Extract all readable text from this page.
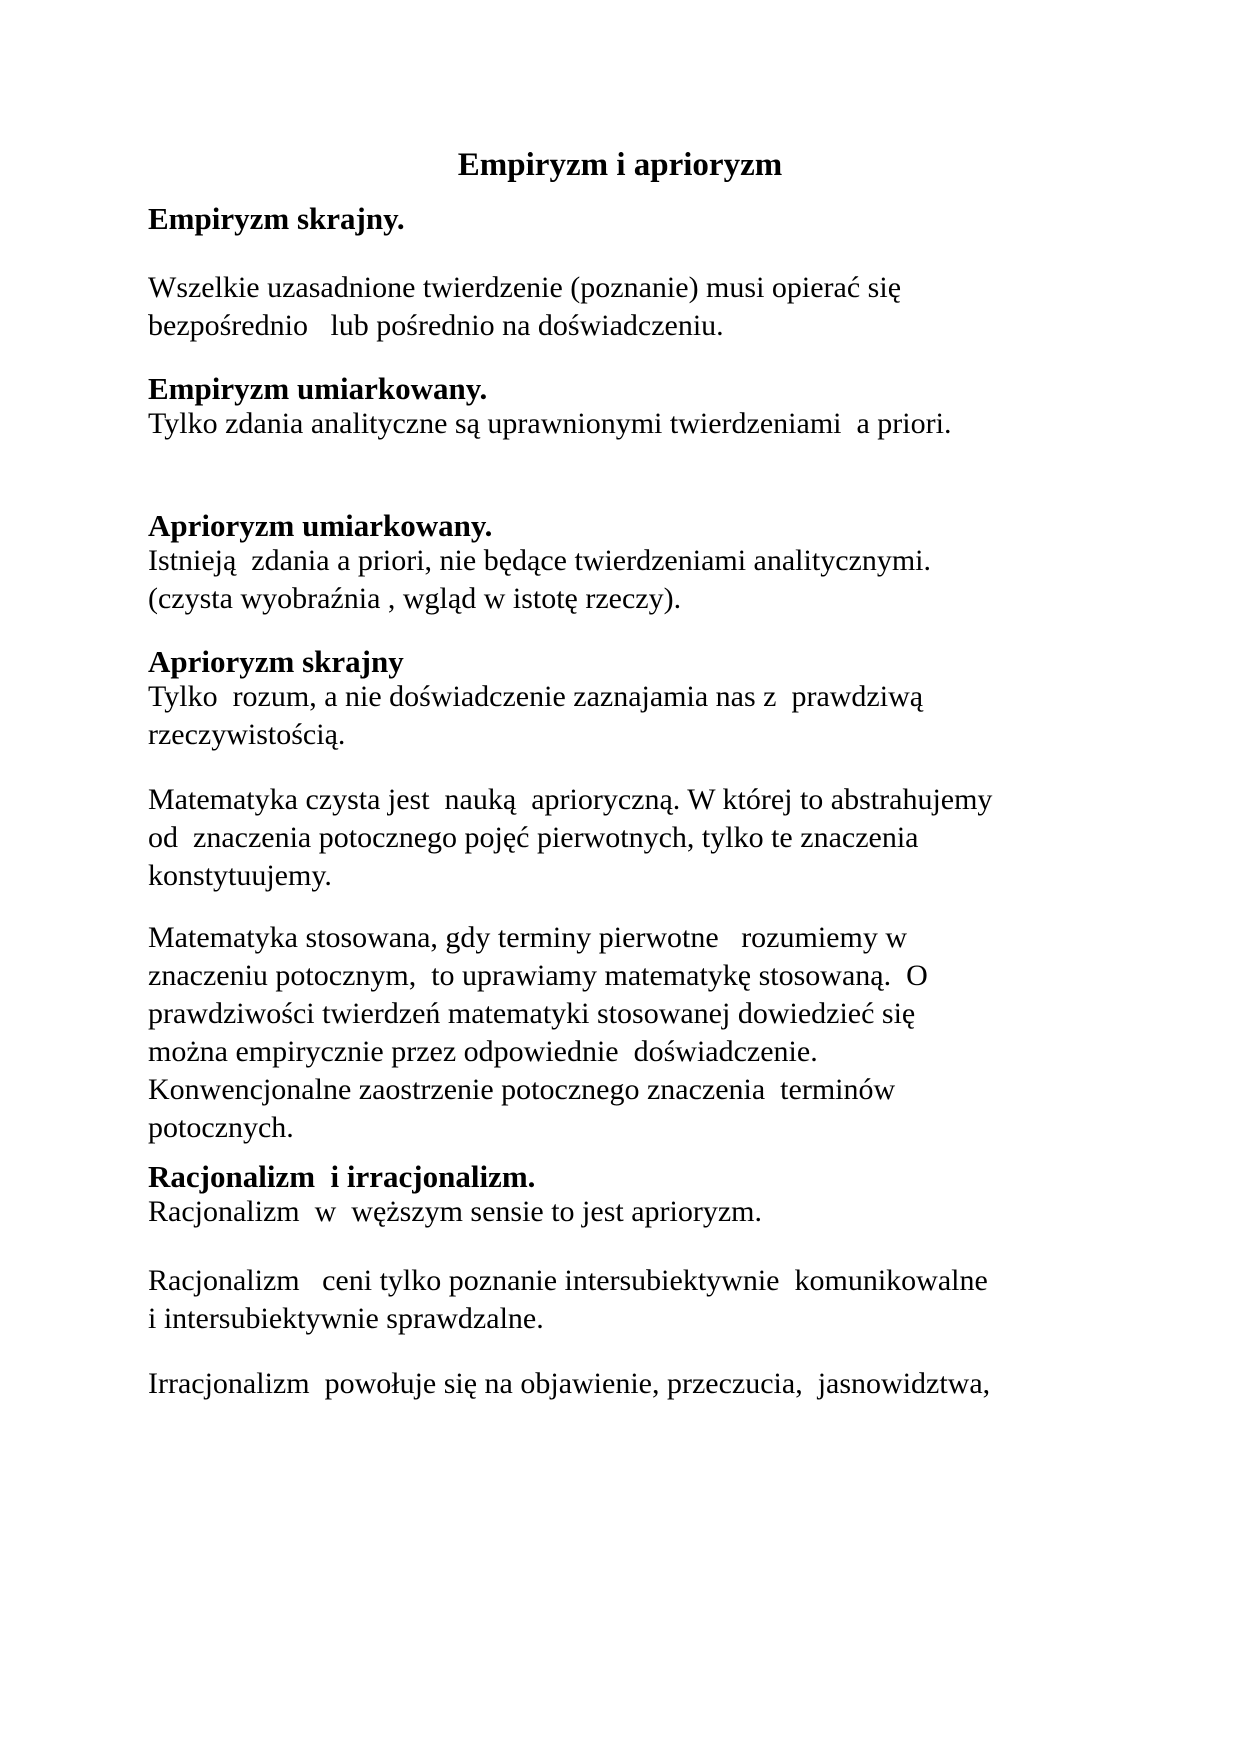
Empiryzm i aprioryzm
Empiryzm skrajny.
Wszelkie uzasadnione twierdzenie (poznanie) musi opierać się
bezpośrednio   lub pośrednio na doświadczeniu.
Empiryzm umiarkowany.
Tylko zdania analityczne są uprawnionymi twierdzeniami  a priori.
Aprioryzm umiarkowany.
Istnieją  zdania a priori, nie będące twierdzeniami analitycznymi.
(czysta wyobraźnia , wgląd w istotę rzeczy).
Aprioryzm skrajny
Tylko  rozum, a nie doświadczenie zaznajamia nas z  prawdziwą
rzeczywistością.
Matematyka czysta jest  nauką  aprioryczną. W której to abstrahujemy
od  znaczenia potocznego pojęć pierwotnych, tylko te znaczenia
konstytuujemy.
Matematyka stosowana, gdy terminy pierwotne   rozumiemy w
znaczeniu potocznym,  to uprawiamy matematykę stosowaną.  O
prawdziwości twierdzeń matematyki stosowanej dowiedzieć się
można empirycznie przez odpowiednie  doświadczenie.
Konwencjonalne zaostrzenie potocznego znaczenia  terminów
potocznych.
Racjonalizm  i irracjonalizm.
Racjonalizm  w  węższym sensie to jest aprioryzm.
Racjonalizm   ceni tylko poznanie intersubiektywnie  komunikowalne
i intersubiektywnie sprawdzalne.
Irracjonalizm  powołuje się na objawienie, przeczucia,  jasnowidztwa,
